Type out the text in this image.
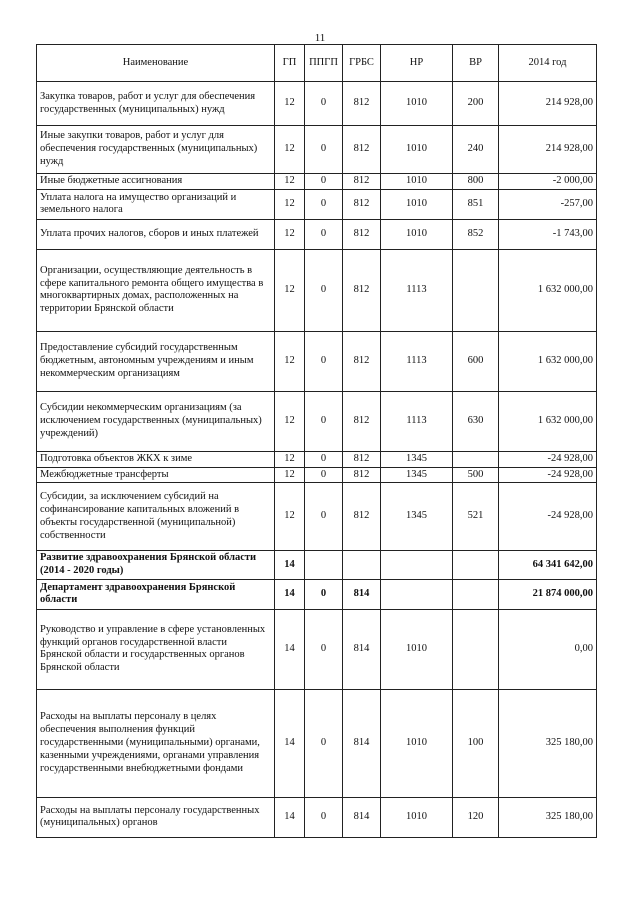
11
Наименование	ГП	ППГП	ГРБС	НР	ВР	2014 год
Закупка товаров, работ и услуг для обеспечения государственных (муниципальных) нужд	12	0	812	1010	200	214 928,00
Иные закупки товаров, работ и услуг для обеспечения государственных (муниципальных) нужд	12	0	812	1010	240	214 928,00
Иные бюджетные ассигнования	12	0	812	1010	800	-2 000,00
Уплата налога на имущество организаций и земельного налога	12	0	812	1010	851	-257,00
Уплата прочих налогов, сборов и иных платежей	12	0	812	1010	852	-1 743,00
Организации, осуществляющие деятельность в сфере капитального ремонта общего имущества в многоквартирных домах, расположенных на территории Брянской области	12	0	812	1113		1 632 000,00
Предоставление субсидий государственным бюджетным, автономным учреждениям и иным некоммерческим организациям	12	0	812	1113	600	1 632 000,00
Субсидии некоммерческим организациям (за исключением государственных (муниципальных) учреждений)	12	0	812	1113	630	1 632 000,00
Подготовка объектов ЖКХ к зиме	12	0	812	1345		-24 928,00
Межбюджетные трансферты	12	0	812	1345	500	-24 928,00
Субсидии, за исключением субсидий на софинансирование капитальных вложений в объекты государственной (муниципальной) собственности	12	0	812	1345	521	-24 928,00
Развитие здравоохранения Брянской области (2014 - 2020 годы)	14					64 341 642,00
Департамент здравоохранения Брянской области	14	0	814			21 874 000,00
Руководство и управление в сфере установленных функций органов государственной власти Брянской области и государственных органов Брянской области	14	0	814	1010		0,00
Расходы на выплаты персоналу в целях обеспечения выполнения функций государственными (муниципальными) органами, казенными учреждениями, органами управления государственными внебюджетными фондами	14	0	814	1010	100	325 180,00
Расходы на выплаты персоналу государственных (муниципальных) органов	14	0	814	1010	120	325 180,00
